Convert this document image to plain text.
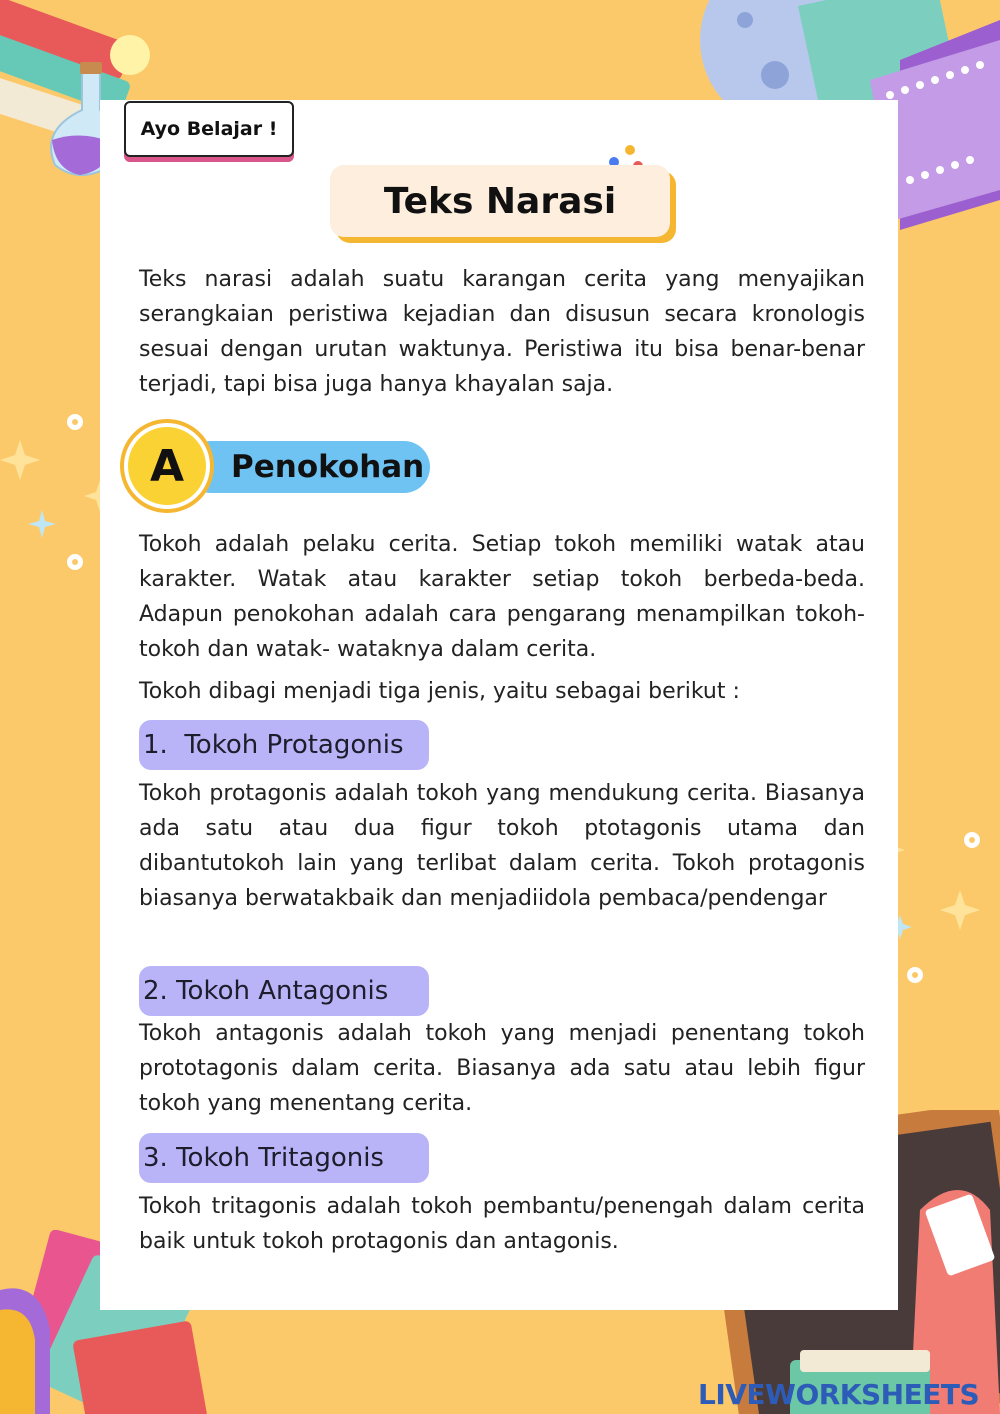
Ayo Belajar !
Teks Narasi

Teks narasi adalah suatu karangan cerita yang menyajikan serangkaian peristiwa kejadian dan disusun secara kronologis sesuai dengan urutan waktunya. Peristiwa itu bisa benar-benar terjadi, tapi bisa juga hanya khayalan saja.

Penokohan
A

Tokoh adalah pelaku cerita. Setiap tokoh memiliki watak atau karakter. Watak atau karakter setiap tokoh berbeda-beda. Adapun penokohan adalah cara pengarang menampilkan tokoh-tokoh dan watak- wataknya dalam cerita.

Tokoh dibagi menjadi tiga jenis, yaitu sebagai berikut :

1.  Tokoh Protagonis

Tokoh protagonis adalah tokoh yang mendukung cerita. Biasanya ada satu atau dua figur tokoh ptotagonis utama dan dibantutokoh lain yang terlibat dalam cerita. Tokoh protagonis biasanya berwatakbaik dan menjadiidola pembaca/pendengar

2. Tokoh Antagonis

Tokoh antagonis adalah tokoh yang menjadi penentang tokoh prototagonis dalam cerita. Biasanya ada satu atau lebih figur tokoh yang menentang cerita.

3. Tokoh Tritagonis

Tokoh tritagonis adalah tokoh pembantu/penengah dalam cerita baik untuk tokoh protagonis dan antagonis.

LIVEWORKSHEETS
